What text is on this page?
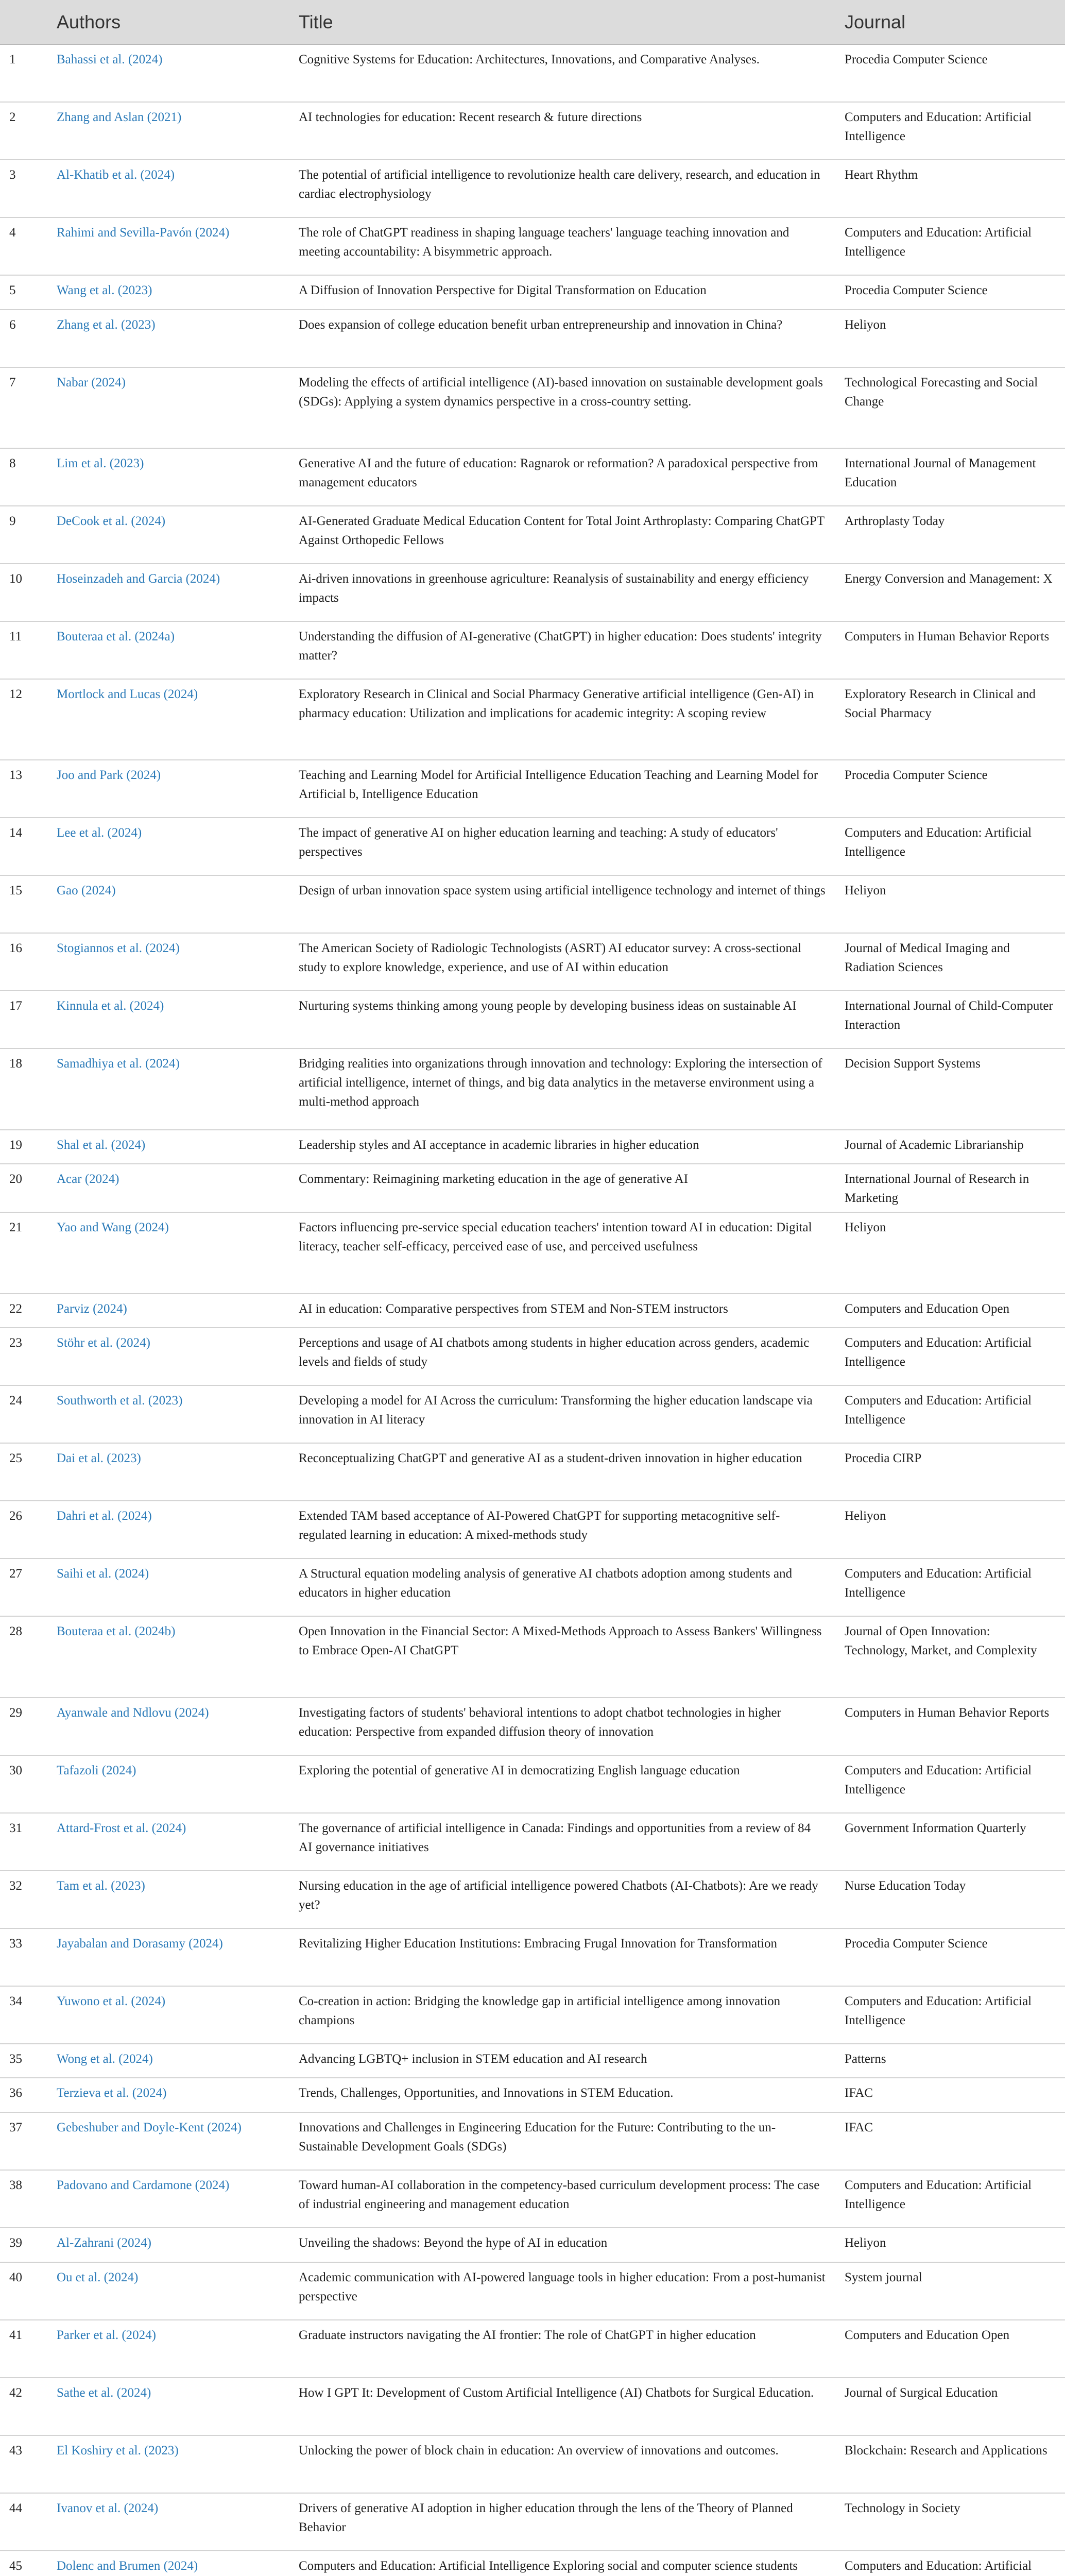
	Authors	Title	Journal
1	Bahassi et al. (2024)	Cognitive Systems for Education: Architectures, Innovations, and Comparative Analyses.	Procedia Computer Science
2	Zhang and Aslan (2021)	AI technologies for education: Recent research & future directions	Computers and Education: Artificial Intelligence
3	Al-Khatib et al. (2024)	The potential of artificial intelligence to revolutionize health care delivery, research, and education in cardiac electrophysiology	Heart Rhythm
4	Rahimi and Sevilla-Pavón (2024)	The role of ChatGPT readiness in shaping language teachers' language teaching innovation and meeting accountability: A bisymmetric approach.	Computers and Education: Artificial Intelligence
5	Wang et al. (2023)	A Diffusion of Innovation Perspective for Digital Transformation on Education	Procedia Computer Science
6	Zhang et al. (2023)	Does expansion of college education benefit urban entrepreneurship and innovation in China?	Heliyon
7	Nabar (2024)	Modeling the effects of artificial intelligence (AI)-based innovation on sustainable development goals (SDGs): Applying a system dynamics perspective in a cross-country setting.	Technological Forecasting and Social Change
8	Lim et al. (2023)	Generative AI and the future of education: Ragnarok or reformation? A paradoxical perspective from management educators	International Journal of Management Education
9	DeCook et al. (2024)	AI-Generated Graduate Medical Education Content for Total Joint Arthroplasty: Comparing ChatGPT Against Orthopedic Fellows	Arthroplasty Today
10	Hoseinzadeh and Garcia (2024)	Ai-driven innovations in greenhouse agriculture: Reanalysis of sustainability and energy efficiency impacts	Energy Conversion and Management: X
11	Bouteraa et al. (2024a)	Understanding the diffusion of AI-generative (ChatGPT) in higher education: Does students' integrity matter?	Computers in Human Behavior Reports
12	Mortlock and Lucas (2024)	Exploratory Research in Clinical and Social Pharmacy Generative artificial intelligence (Gen-AI) in pharmacy education: Utilization and implications for academic integrity: A scoping review	Exploratory Research in Clinical and Social Pharmacy
13	Joo and Park (2024)	Teaching and Learning Model for Artificial Intelligence Education Teaching and Learning Model for Artificial b, Intelligence Education	Procedia Computer Science
14	Lee et al. (2024)	The impact of generative AI on higher education learning and teaching: A study of educators' perspectives	Computers and Education: Artificial Intelligence
15	Gao (2024)	Design of urban innovation space system using artificial intelligence technology and internet of things	Heliyon
16	Stogiannos et al. (2024)	The American Society of Radiologic Technologists (ASRT) AI educator survey: A cross-sectional study to explore knowledge, experience, and use of AI within education	Journal of Medical Imaging and Radiation Sciences
17	Kinnula et al. (2024)	Nurturing systems thinking among young people by developing business ideas on sustainable AI	International Journal of Child-Computer Interaction
18	Samadhiya et al. (2024)	Bridging realities into organizations through innovation and technology: Exploring the intersection of artificial intelligence, internet of things, and big data analytics in the metaverse environment using a multi-method approach	Decision Support Systems
19	Shal et al. (2024)	Leadership styles and AI acceptance in academic libraries in higher education	Journal of Academic Librarianship
20	Acar (2024)	Commentary: Reimagining marketing education in the age of generative AI	International Journal of Research in Marketing
21	Yao and Wang (2024)	Factors influencing pre-service special education teachers' intention toward AI in education: Digital literacy, teacher self-efficacy, perceived ease of use, and perceived usefulness	Heliyon
22	Parviz (2024)	AI in education: Comparative perspectives from STEM and Non-STEM instructors	Computers and Education Open
23	Stöhr et al. (2024)	Perceptions and usage of AI chatbots among students in higher education across genders, academic levels and fields of study	Computers and Education: Artificial Intelligence
24	Southworth et al. (2023)	Developing a model for AI Across the curriculum: Transforming the higher education landscape via innovation in AI literacy	Computers and Education: Artificial Intelligence
25	Dai et al. (2023)	Reconceptualizing ChatGPT and generative AI as a student-driven innovation in higher education	Procedia CIRP
26	Dahri et al. (2024)	Extended TAM based acceptance of AI-Powered ChatGPT for supporting metacognitive self-regulated learning in education: A mixed-methods study	Heliyon
27	Saihi et al. (2024)	A Structural equation modeling analysis of generative AI chatbots adoption among students and educators in higher education	Computers and Education: Artificial Intelligence
28	Bouteraa et al. (2024b)	Open Innovation in the Financial Sector: A Mixed-Methods Approach to Assess Bankers' Willingness to Embrace Open-AI ChatGPT	Journal of Open Innovation: Technology, Market, and Complexity
29	Ayanwale and Ndlovu (2024)	Investigating factors of students' behavioral intentions to adopt chatbot technologies in higher education: Perspective from expanded diffusion theory of innovation	Computers in Human Behavior Reports
30	Tafazoli (2024)	Exploring the potential of generative AI in democratizing English language education	Computers and Education: Artificial Intelligence
31	Attard-Frost et al. (2024)	The governance of artificial intelligence in Canada: Findings and opportunities from a review of 84 AI governance initiatives	Government Information Quarterly
32	Tam et al. (2023)	Nursing education in the age of artificial intelligence powered Chatbots (AI-Chatbots): Are we ready yet?	Nurse Education Today
33	Jayabalan and Dorasamy (2024)	Revitalizing Higher Education Institutions: Embracing Frugal Innovation for Transformation	Procedia Computer Science
34	Yuwono et al. (2024)	Co-creation in action: Bridging the knowledge gap in artificial intelligence among innovation champions	Computers and Education: Artificial Intelligence
35	Wong et al. (2024)	Advancing LGBTQ+ inclusion in STEM education and AI research	Patterns
36	Terzieva et al. (2024)	Trends, Challenges, Opportunities, and Innovations in STEM Education.	IFAC
37	Gebeshuber and Doyle-Kent (2024)	Innovations and Challenges in Engineering Education for the Future: Contributing to the un-Sustainable Development Goals (SDGs)	IFAC
38	Padovano and Cardamone (2024)	Toward human-AI collaboration in the competency-based curriculum development process: The case of industrial engineering and management education	Computers and Education: Artificial Intelligence
39	Al-Zahrani (2024)	Unveiling the shadows: Beyond the hype of AI in education	Heliyon
40	Ou et al. (2024)	Academic communication with AI-powered language tools in higher education: From a post-humanist perspective	System journal
41	Parker et al. (2024)	Graduate instructors navigating the AI frontier: The role of ChatGPT in higher education	Computers and Education Open
42	Sathe et al. (2024)	How I GPT It: Development of Custom Artificial Intelligence (AI) Chatbots for Surgical Education.	Journal of Surgical Education
43	El Koshiry et al. (2023)	Unlocking the power of block chain in education: An overview of innovations and outcomes.	Blockchain: Research and Applications
44	Ivanov et al. (2024)	Drivers of generative AI adoption in higher education through the lens of the Theory of Planned Behavior	Technology in Society
45	Dolenc and Brumen (2024)	Computers and Education: Artificial Intelligence Exploring social and computer science students	Computers and Education: Artificial
